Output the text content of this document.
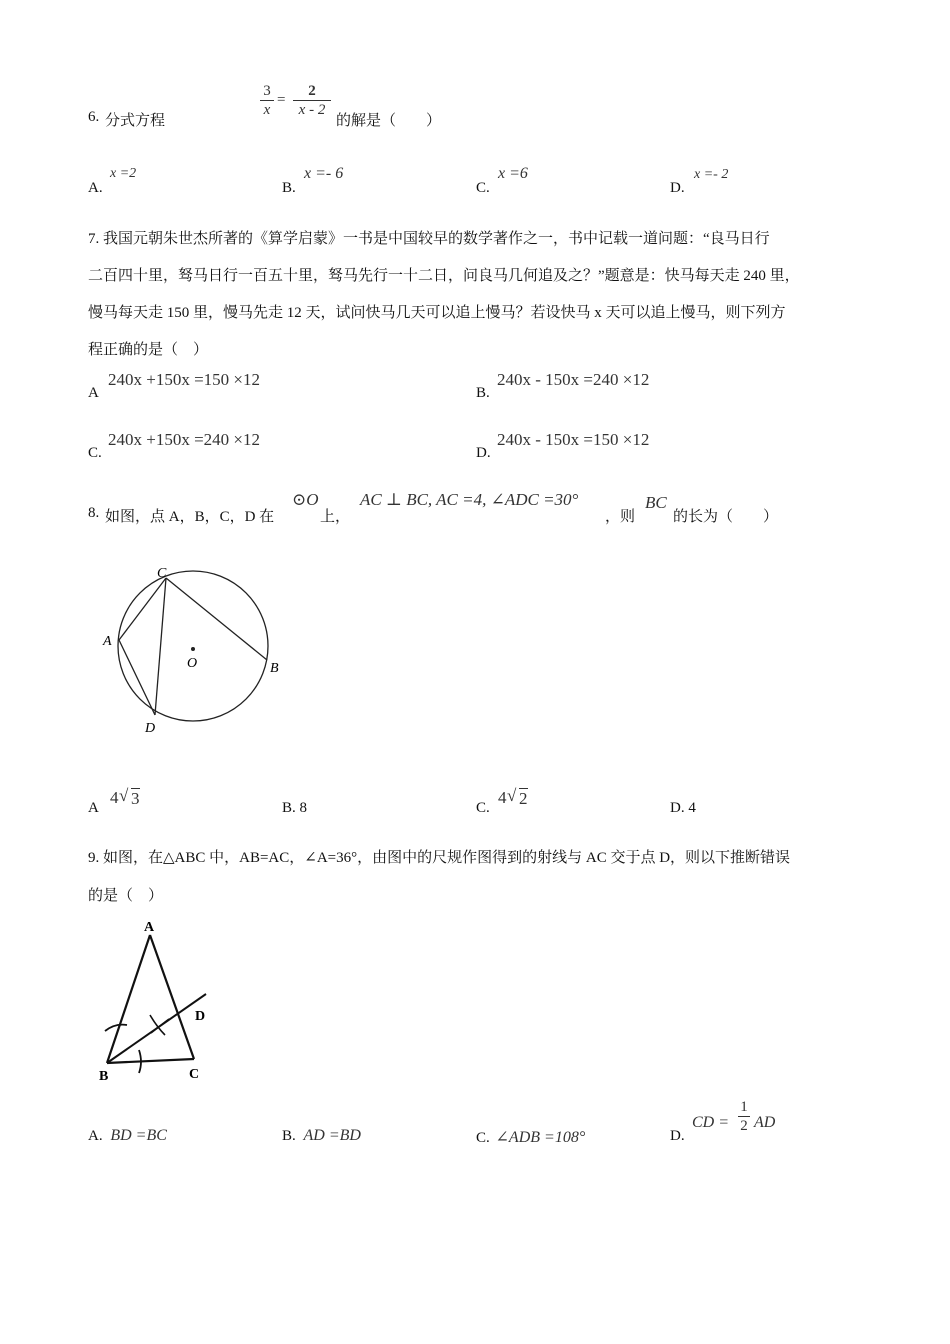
6. 分式方程
$\frac{3}{x} = \frac{2}{x - 2}$
的解是（　　）
A.
x =2
B.
x =- 6
C.
x =6
D.
x =- 2
7. 我国元朝朱世杰所著的《算学启蒙》一书是中国较早的数学著作之一，书中记载一道问题：“良马日行
二百四十里，驽马日行一百五十里，驽马先行一十二日，问良马几何追及之？”题意是：快马每天走 240 里，
慢马每天走 150 里，慢马先走 12 天，试问快马几天可以追上慢马？若设快马 x 天可以追上慢马，则下列方
程正确的是（　）
A
240x +150x =150 ×12
B.
240x - 150x =240 ×12
C.
240x +150x =240 ×12
D.
240x - 150x =150 ×12
8. 如图，点 A，B，C，D 在
⊙O
上，
AC ⊥ BC, AC =4, ∠ADC =30°
，则
BC
的长为（　　）
C
A
O	B
D
A
4 √ 3	B. 8	C.
4 √ 2	D. 4
9. 如图，在△ABC 中，AB=AC，∠A=36°，由图中的尺规作图得到的射线与 AC 交于点 D，则以下推断错误
的是（　）
A
D
B	C
A. BD =BC	B. AD =BD	C. ∠ADB =108°	D.
CD = $\frac{1}{2}$ AD
